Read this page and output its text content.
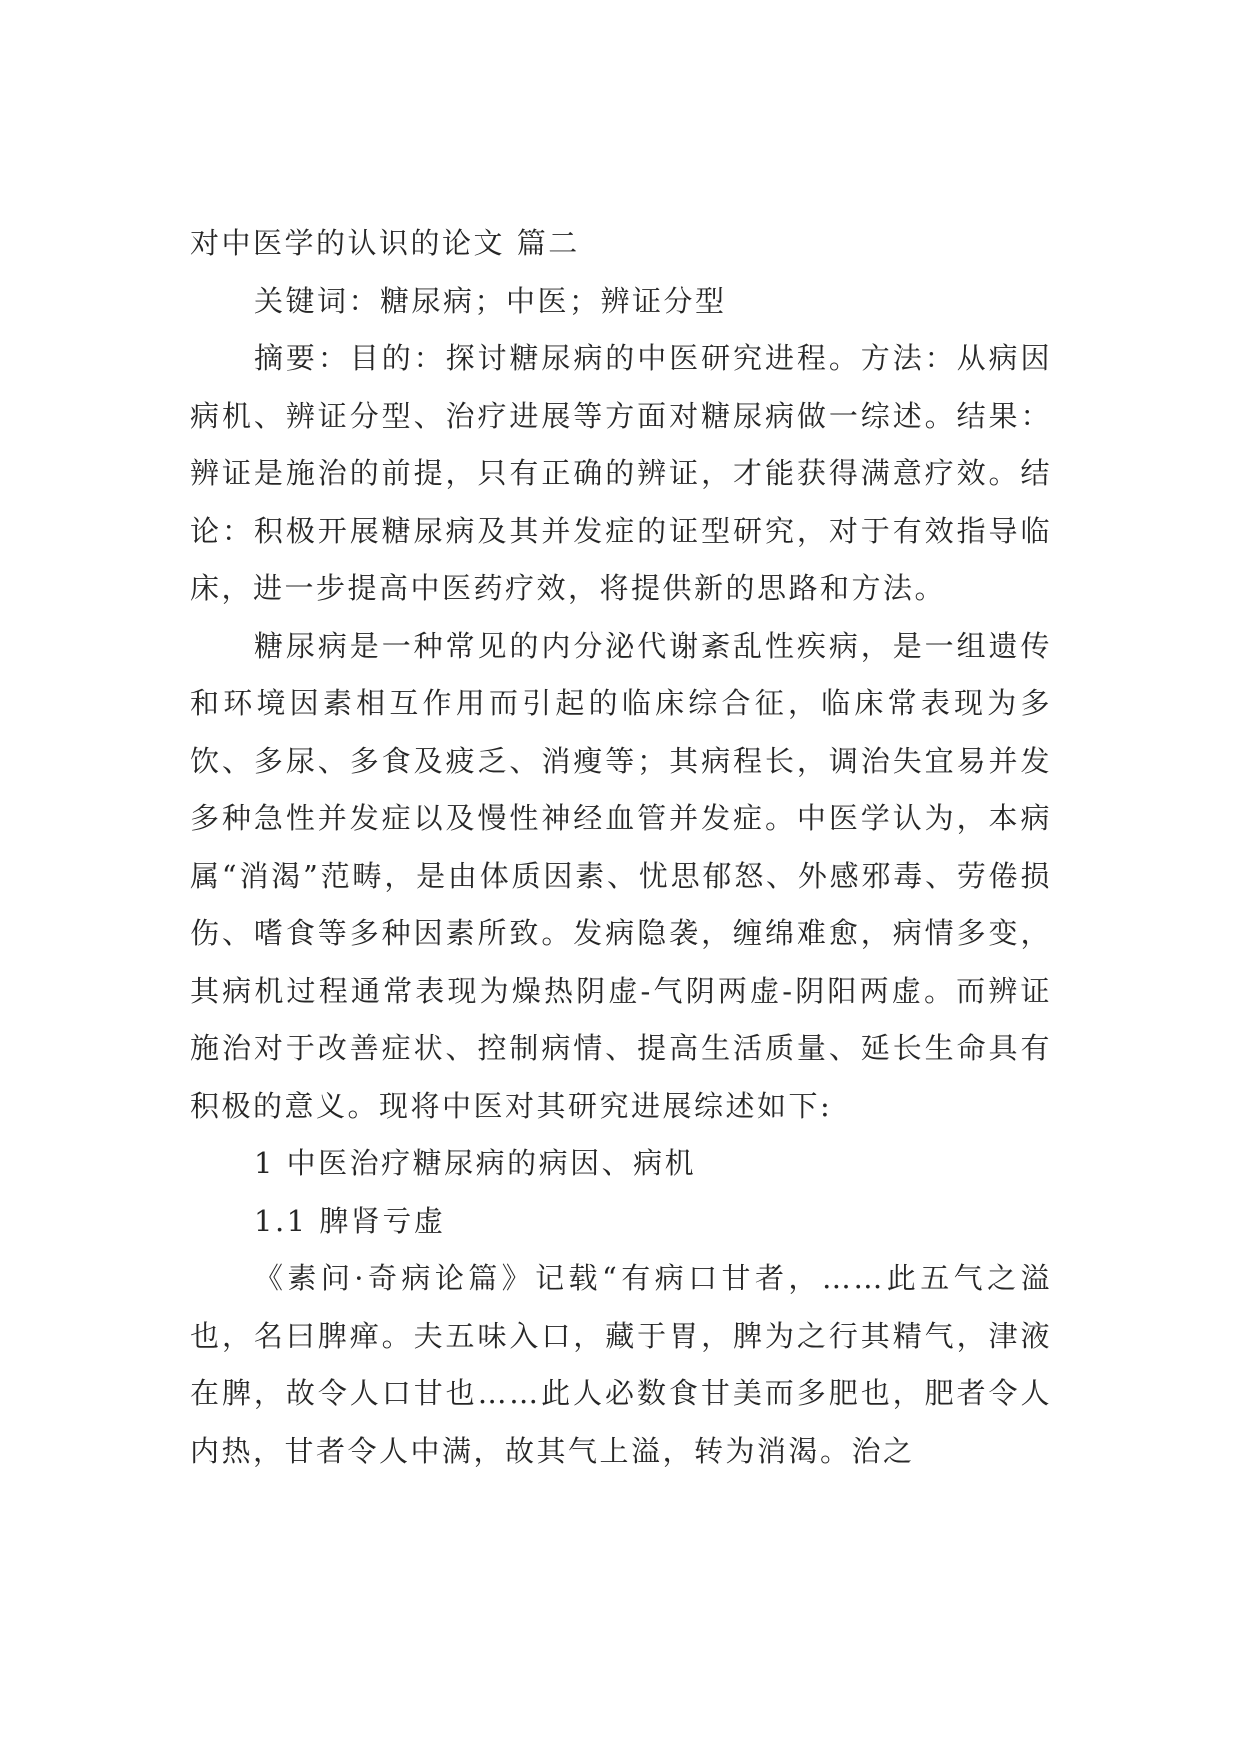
对中医学的认识的论文 篇二

关键词：糖尿病；中医；辨证分型

摘要：目的：探讨糖尿病的中医研究进程。方法：从病因病机、辨证分型、治疗进展等方面对糖尿病做一综述。结果：辨证是施治的前提，只有正确的辨证，才能获得满意疗效。结论：积极开展糖尿病及其并发症的证型研究，对于有效指导临床，进一步提高中医药疗效，将提供新的思路和方法。

糖尿病是一种常见的内分泌代谢紊乱性疾病，是一组遗传和环境因素相互作用而引起的临床综合征，临床常表现为多饮、多尿、多食及疲乏、消瘦等；其病程长，调治失宜易并发多种急性并发症以及慢性神经血管并发症。中医学认为，本病属“消渴”范畴，是由体质因素、忧思郁怒、外感邪毒、劳倦损伤、嗜食等多种因素所致。发病隐袭，缠绵难愈，病情多变，其病机过程通常表现为燥热阴虚-气阴两虚-阴阳两虚。而辨证施治对于改善症状、控制病情、提高生活质量、延长生命具有积极的意义。现将中医对其研究进展综述如下:

1 中医治疗糖尿病的病因、病机

1.1 脾肾亏虚

《素问·奇病论篇》记载“有病口甘者，……此五气之溢也，名曰脾瘅。夫五味入口，藏于胃，脾为之行其精气，津液在脾，故令人口甘也……此人必数食甘美而多肥也，肥者令人内热，甘者令人中满，故其气上溢，转为消渴。治之
